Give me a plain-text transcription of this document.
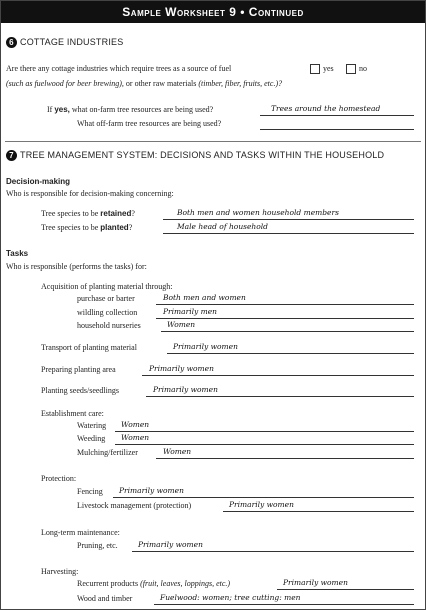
Sample Worksheet 9 • Continued
6 COTTAGE INDUSTRIES
Are there any cottage industries which require trees as a source of fuel	yes	no
(such as fuelwood for beer brewing), or other raw materials (timber, fiber, fruits, etc.)?
If yes, what on-farm tree resources are being used?	Trees around the homestead
What off-farm tree resources are being used?
7 TREE MANAGEMENT SYSTEM: DECISIONS AND TASKS WITHIN THE HOUSEHOLD
Decision-making
Who is responsible for decision-making concerning:
Tree species to be retained?	Both men and women household members
Tree species to be planted?	Male head of household
Tasks
Who is responsible (performs the tasks) for:
Acquisition of planting material through:
purchase or barter	Both men and women
wildling collection	Primarily men
household nurseries	Women
Transport of planting material	Primarily women
Preparing planting area	Primarily women
Planting seeds/seedlings	Primarily women
Establishment care:
Watering Women
Weeding Women
Mulching/fertilizer	Women
Protection:
Fencing Primarily women
Livestock management (protection)	Primarily women
Long-term maintenance:
Pruning, etc.	Primarily women
Harvesting:
Recurrent products (fruit, leaves, loppings, etc.)	Primarily women
Wood and timber	Fuelwood: women; tree cutting: men
